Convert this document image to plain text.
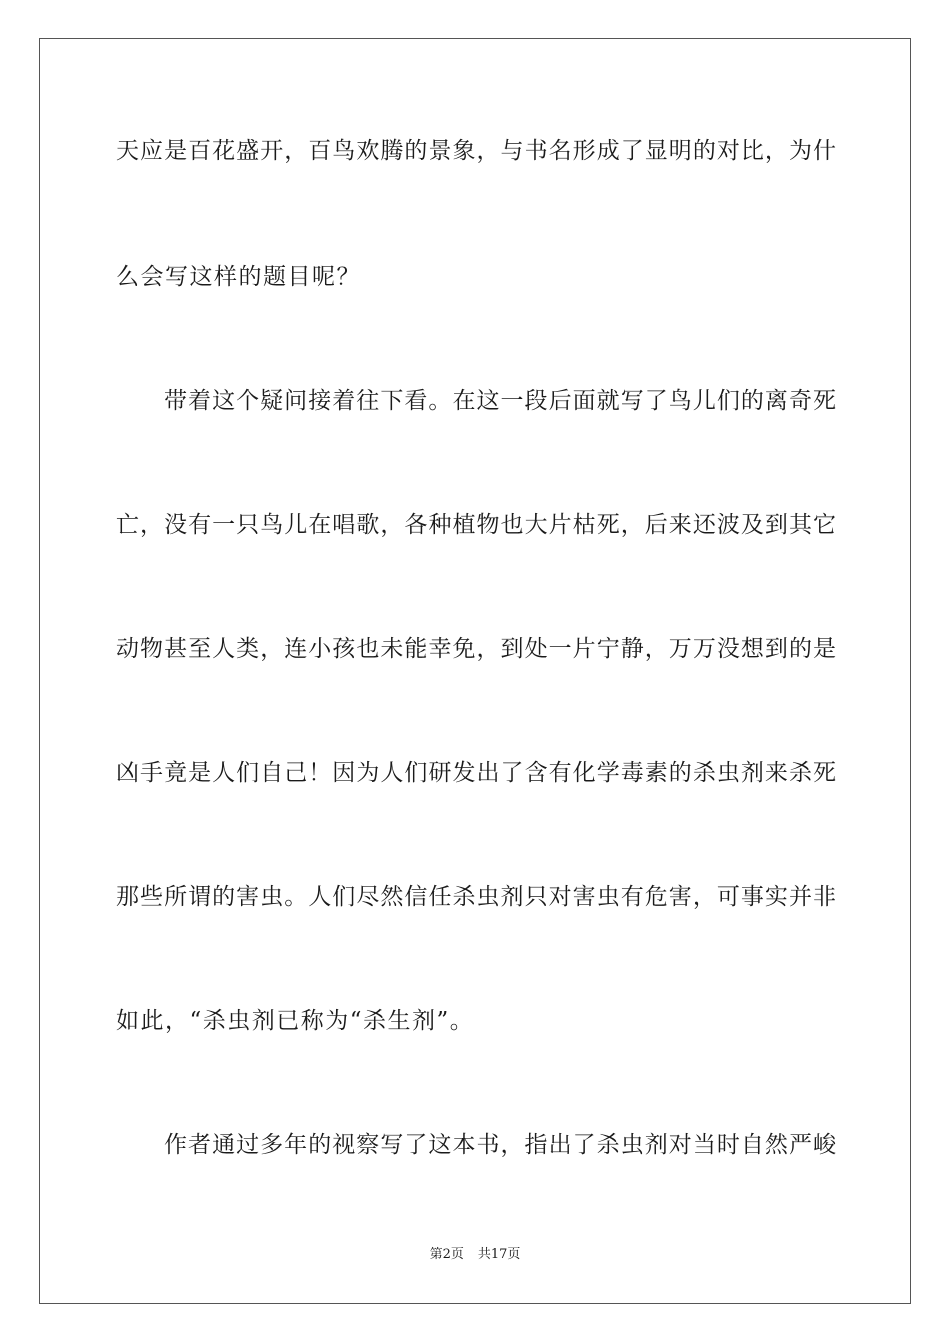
天应是百花盛开，百鸟欢腾的景象，与书名形成了显明的对比，为什
么会写这样的题目呢？
带着这个疑问接着往下看。在这一段后面就写了鸟儿们的离奇死
亡，没有一只鸟儿在唱歌，各种植物也大片枯死，后来还波及到其它
动物甚至人类，连小孩也未能幸免，到处一片宁静，万万没想到的是
凶手竟是人们自己！因为人们研发出了含有化学毒素的杀虫剂来杀死
那些所谓的害虫。人们尽然信任杀虫剂只对害虫有危害，可事实并非
如此，“杀虫剂已称为“杀生剂”。
作者通过多年的视察写了这本书，指出了杀虫剂对当时自然严峻
第2页 共17页
